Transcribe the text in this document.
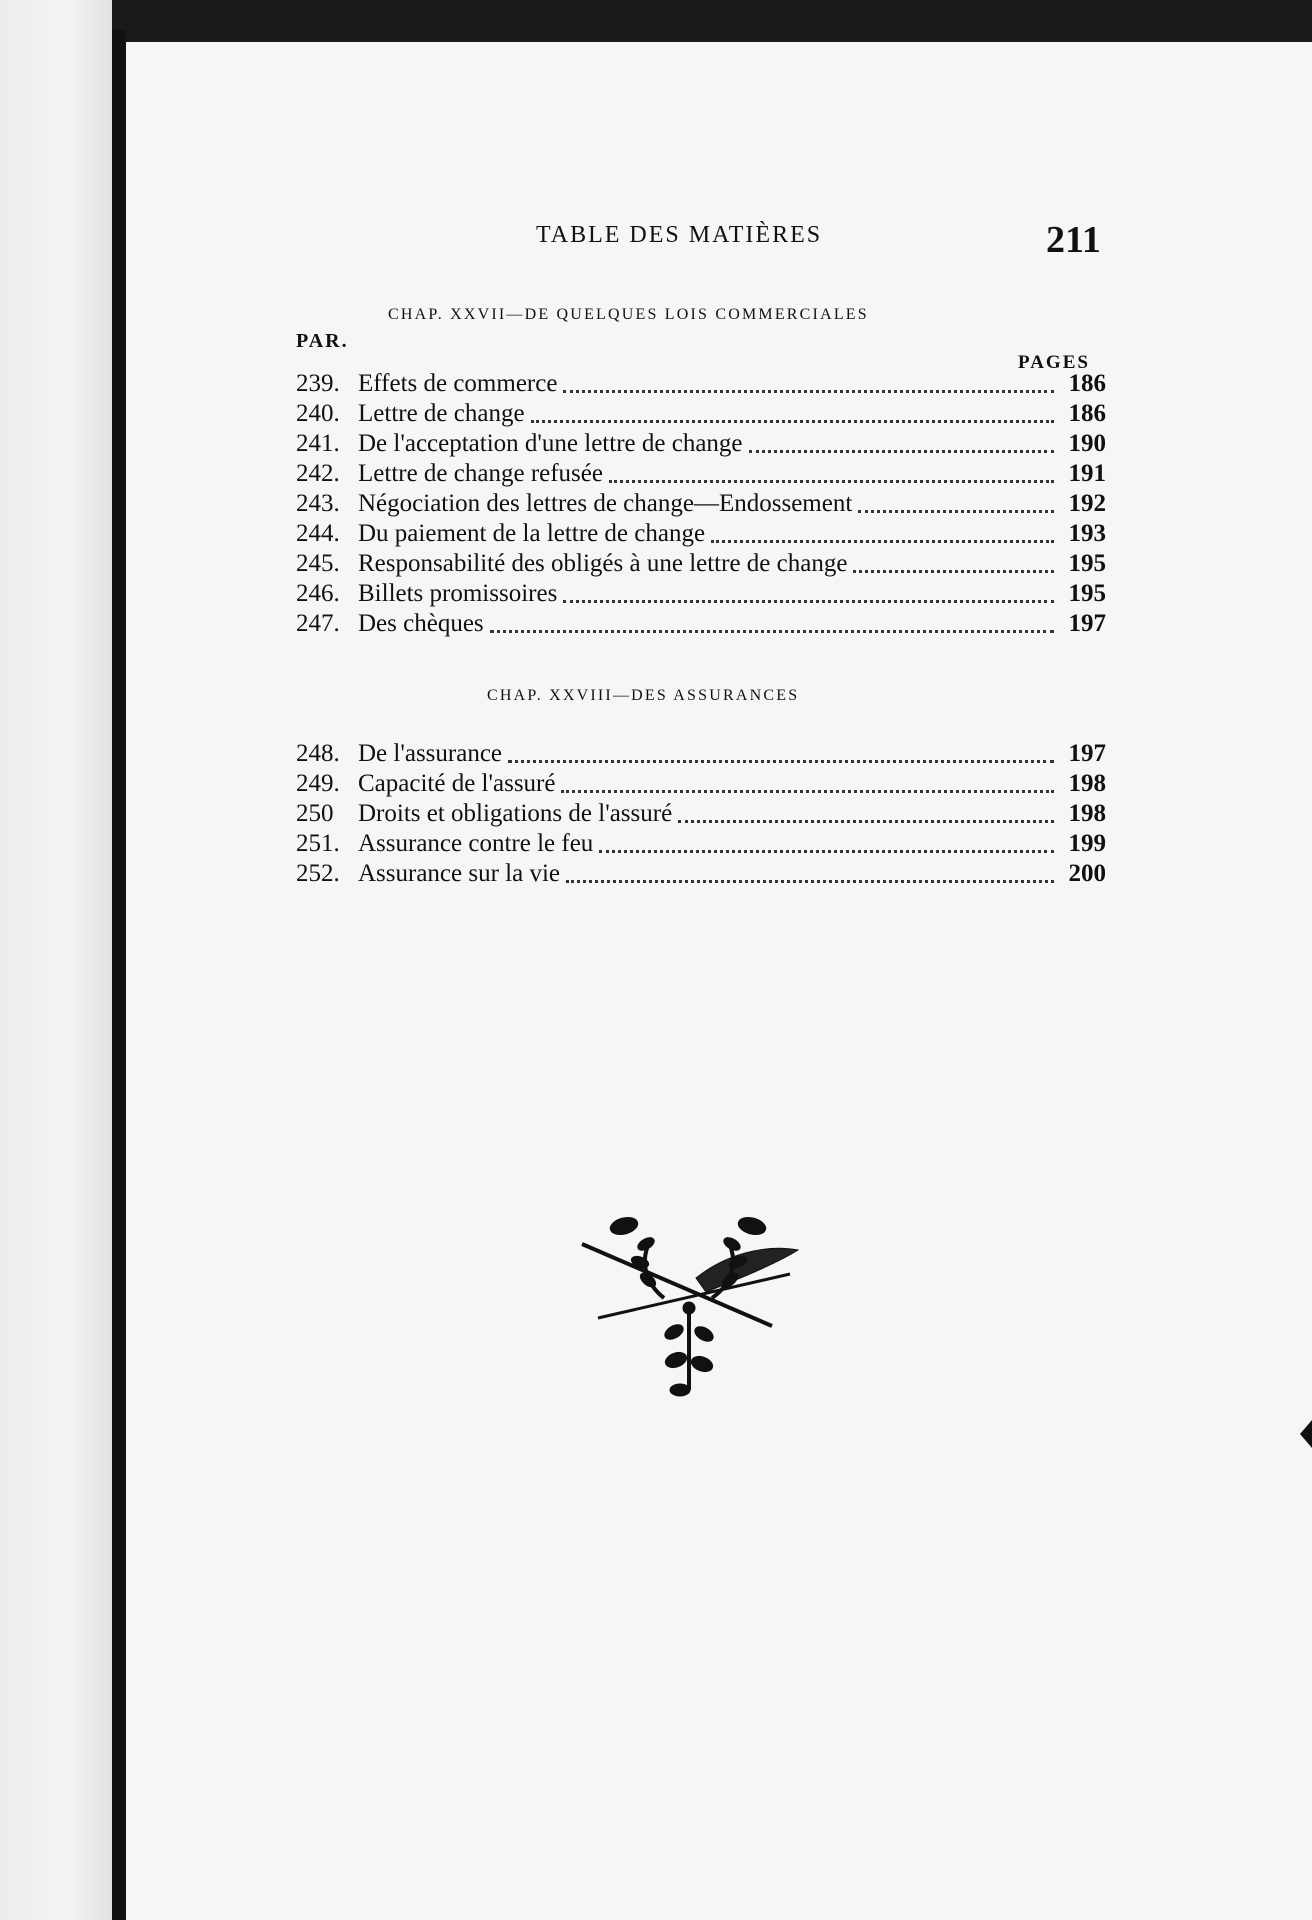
TABLE DES MATIÈRES	211
CHAP. XXVII—DE QUELQUES LOIS COMMERCIALES
PAR.
PAGES
239. Effets de commerce	186
240. Lettre de change	186
241. De l'acceptation d'une lettre de change	190
242. Lettre de change refusée	191
243. Négociation des lettres de change—Endossement	192
244. Du paiement de la lettre de change	193
245. Responsabilité des obligés à une lettre de change	195
246. Billets promissoires	195
247. Des chèques	197
CHAP. XXVIII—DES ASSURANCES
248. De l'assurance	197
249. Capacité de l'assuré	198
250 Droits et obligations de l'assuré	198
251. Assurance contre le feu	199
252. Assurance sur la vie	200
